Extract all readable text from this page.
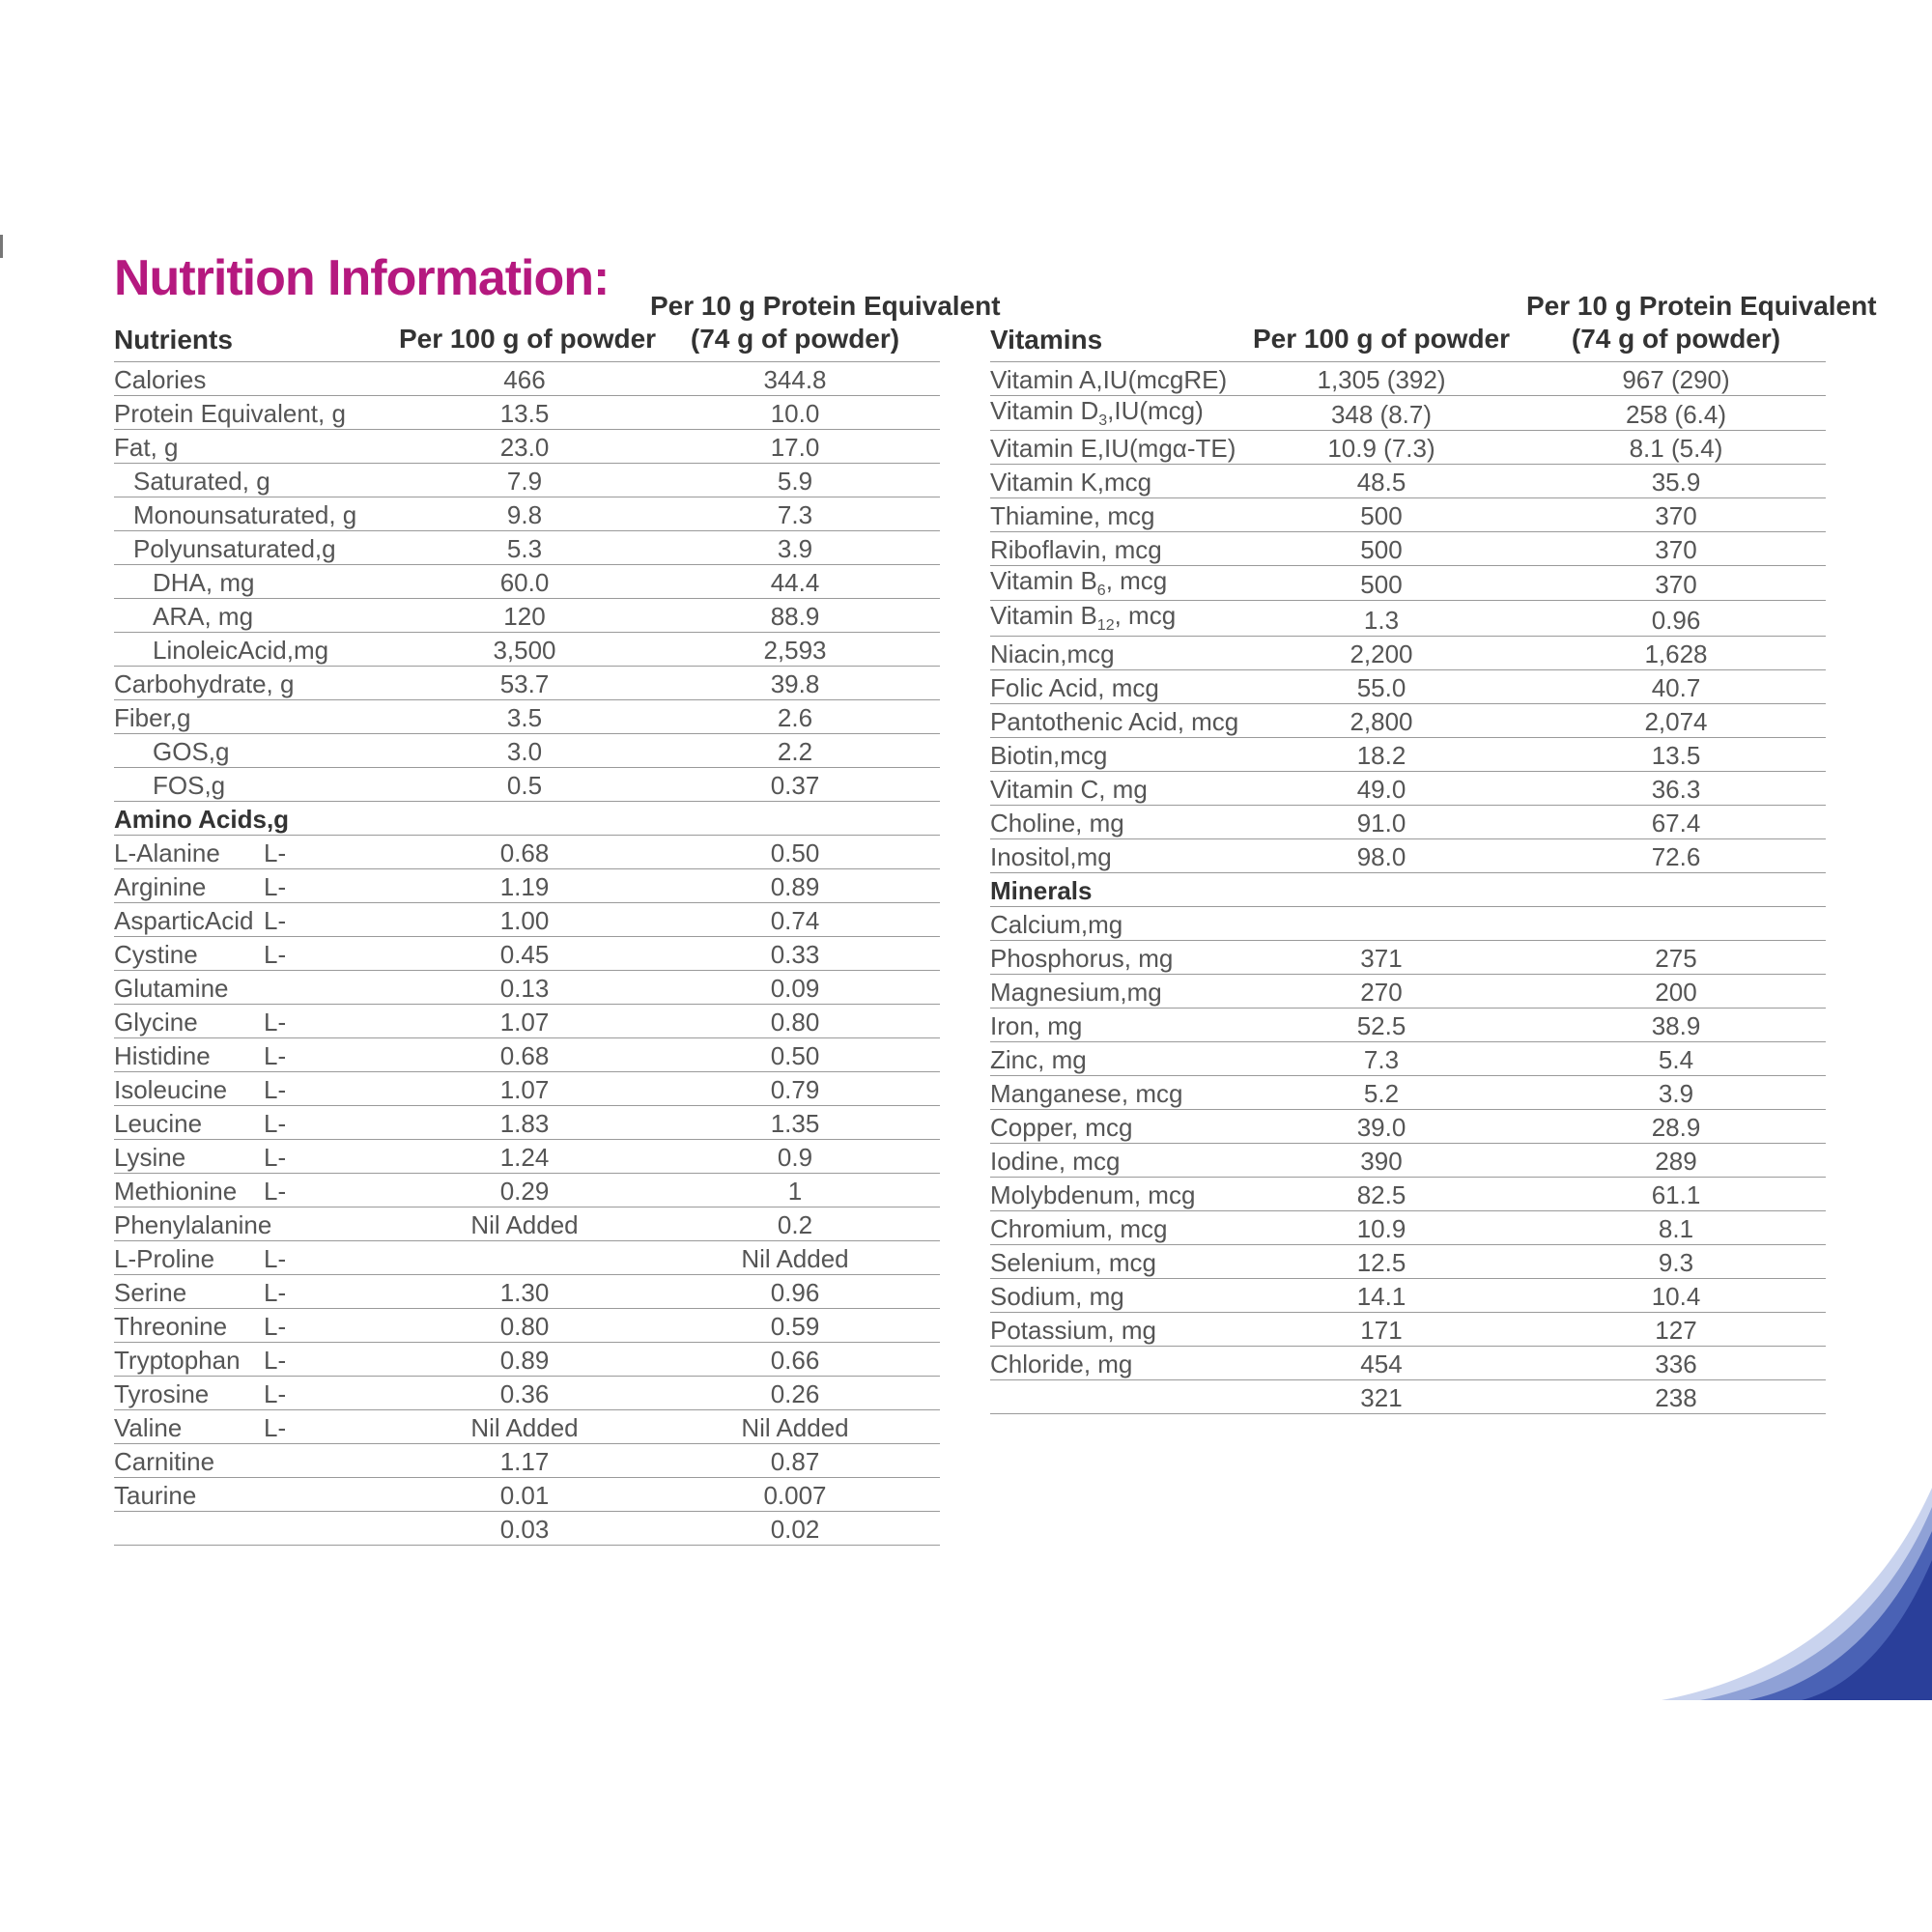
Nutrition Information:
Nutrients		Per 100 g of powder	Per 10 g Protein Equivalent
(74 g of powder)

Calories		466	344.8
Protein Equivalent, g		13.5	10.0
Fat, g		23.0	17.0
Saturated, g		7.9	5.9
Monounsaturated, g		9.8	7.3
Polyunsaturated,g		5.3	3.9
DHA, mg		60.0	44.4
ARA, mg		120	88.9
LinoleicAcid,mg		3,500	2,593
Carbohydrate, g		53.7	39.8
Fiber,g		3.5	2.6
GOS,g		3.0	2.2
FOS,g		0.5	0.37
Amino Acids,g			
L-Alanine	L-	0.68	0.50
Arginine	L-	1.19	0.89
AsparticAcid	L-	1.00	0.74
Cystine	L-	0.45	0.33
Glutamine		0.13	0.09
Glycine	L-	1.07	0.80
Histidine	L-	0.68	0.50
Isoleucine	L-	1.07	0.79
Leucine	L-	1.83	1.35
Lysine	L-	1.24	0.9
Methionine	L-	0.29	1
Phenylalanine		Nil Added	0.2
L-Proline	L-		Nil Added
Serine	L-	1.30	0.96
Threonine	L-	0.80	0.59
Tryptophan	L-	0.89	0.66
Tyrosine	L-	0.36	0.26
Valine	L-	Nil Added	Nil Added
Carnitine		1.17	0.87
Taurine		0.01	0.007
		0.03	0.02
Vitamins	Per 100 g of powder	Per 10 g Protein Equivalent
(74 g of powder)

Vitamin A,IU(mcgRE)	1,305 (392)	967 (290)
Vitamin $D_3,IU(mcg)$	348 (8.7)	258 (6.4)
Vitamin E,IU(mgα-TE)	10.9 (7.3)	8.1 (5.4)
Vitamin K,mcg	48.5	35.9
Thiamine, mcg	500	370
Riboflavin, mcg	500	370
Vitamin $B_6$, mcg	500	370
Vitamin $B_{12}$, mcg	1.3	0.96
Niacin,mcg	2,200	1,628
Folic Acid, mcg	55.0	40.7
Pantothenic Acid, mcg	2,800	2,074
Biotin,mcg	18.2	13.5
Vitamin C, mg	49.0	36.3
Choline, mg	91.0	67.4
Inositol,mg	98.0	72.6
Minerals		
Calcium,mg		
Phosphorus, mg	371	275
Magnesium,mg	270	200
Iron, mg	52.5	38.9
Zinc, mg	7.3	5.4
Manganese, mcg	5.2	3.9
Copper, mcg	39.0	28.9
Iodine, mcg	390	289
Molybdenum, mcg	82.5	61.1
Chromium, mcg	10.9	8.1
Selenium, mcg	12.5	9.3
Sodium, mg	14.1	10.4
Potassium, mg	171	127
Chloride, mg	454	336
	321	238
